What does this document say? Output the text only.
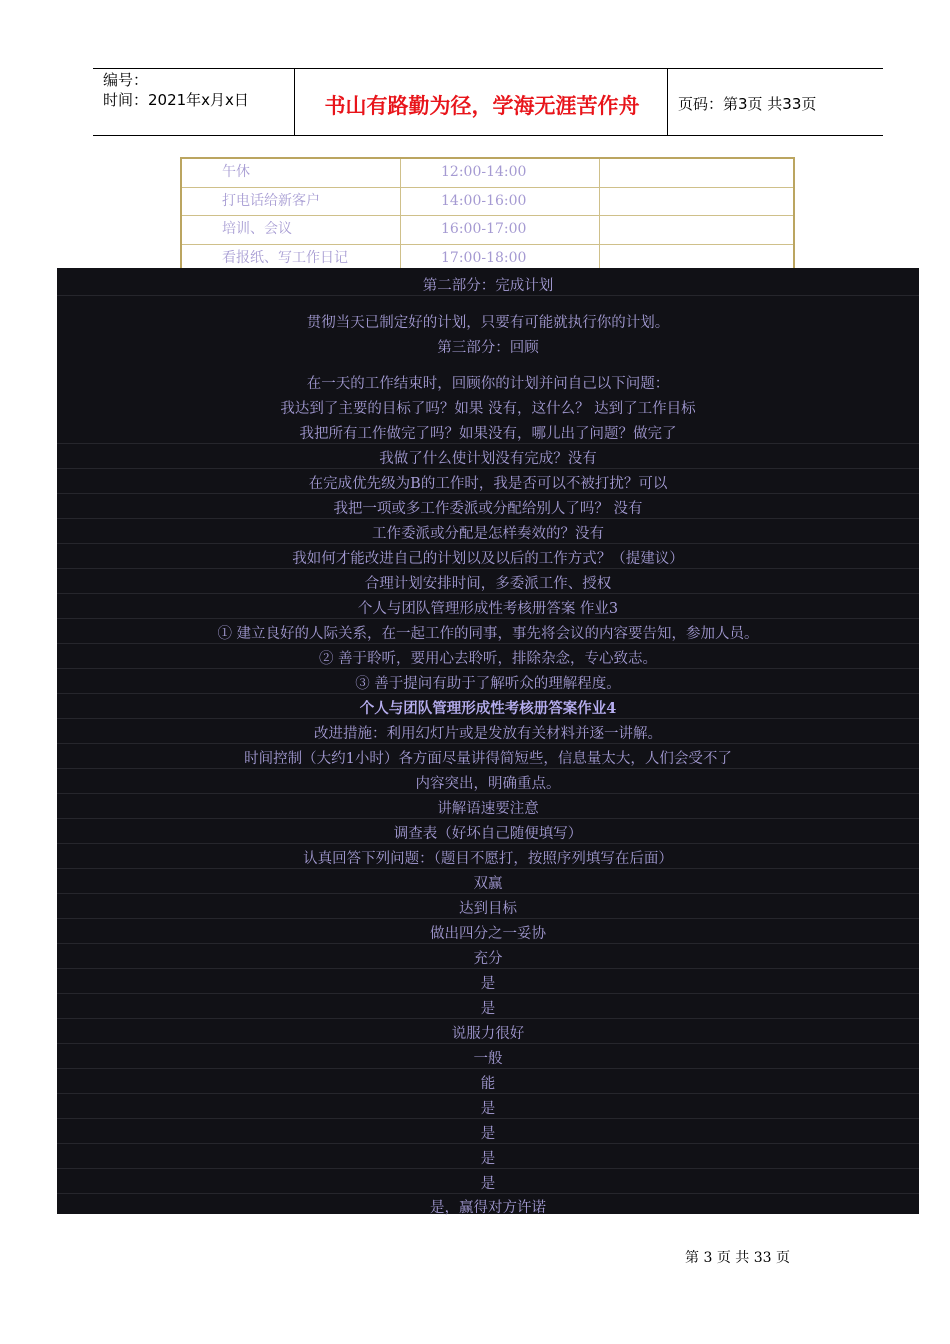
编号：
时间：2021年x月x日	书山有路勤为径，学海无涯苦作舟	页码：第3页 共33页
午休	12:00-14:00
打电话给新客户	14:00-16:00
培训、会议	16:00-17:00
看报纸、写工作日记	17:00-18:00
第二部分：完成计划
贯彻当天已制定好的计划，只要有可能就执行你的计划。
第三部分：回顾
在一天的工作结束时，回顾你的计划并问自己以下问题：
我达到了主要的目标了吗？如果 没有，这什么？ 达到了工作目标
我把所有工作做完了吗？如果没有，哪儿出了问题？做完了
我做了什么使计划没有完成？没有
在完成优先级为B的工作时，我是否可以不被打扰？可以
我把一项或多工作委派或分配给别人了吗？ 没有
工作委派或分配是怎样奏效的？没有
我如何才能改进自己的计划以及以后的工作方式？（提建议）
合理计划安排时间，多委派工作、授权
个人与团队管理形成性考核册答案 作业3
① 建立良好的人际关系，在一起工作的同事，事先将会议的内容要告知，参加人员。
② 善于聆听，要用心去聆听，排除杂念，专心致志。
③ 善于提问有助于了解听众的理解程度。
个人与团队管理形成性考核册答案作业4
改进措施：利用幻灯片或是发放有关材料并逐一讲解。
时间控制（大约1小时）各方面尽量讲得简短些，信息量太大，人们会受不了
内容突出，明确重点。
讲解语速要注意
调查表（好坏自己随便填写）
认真回答下列问题：（题目不愿打，按照序列填写在后面）
双赢
达到目标
做出四分之一妥协
充分
是
是
说服力很好
一般
能
是
是
是
是
是，赢得对方许诺
第 3 页 共 33 页
